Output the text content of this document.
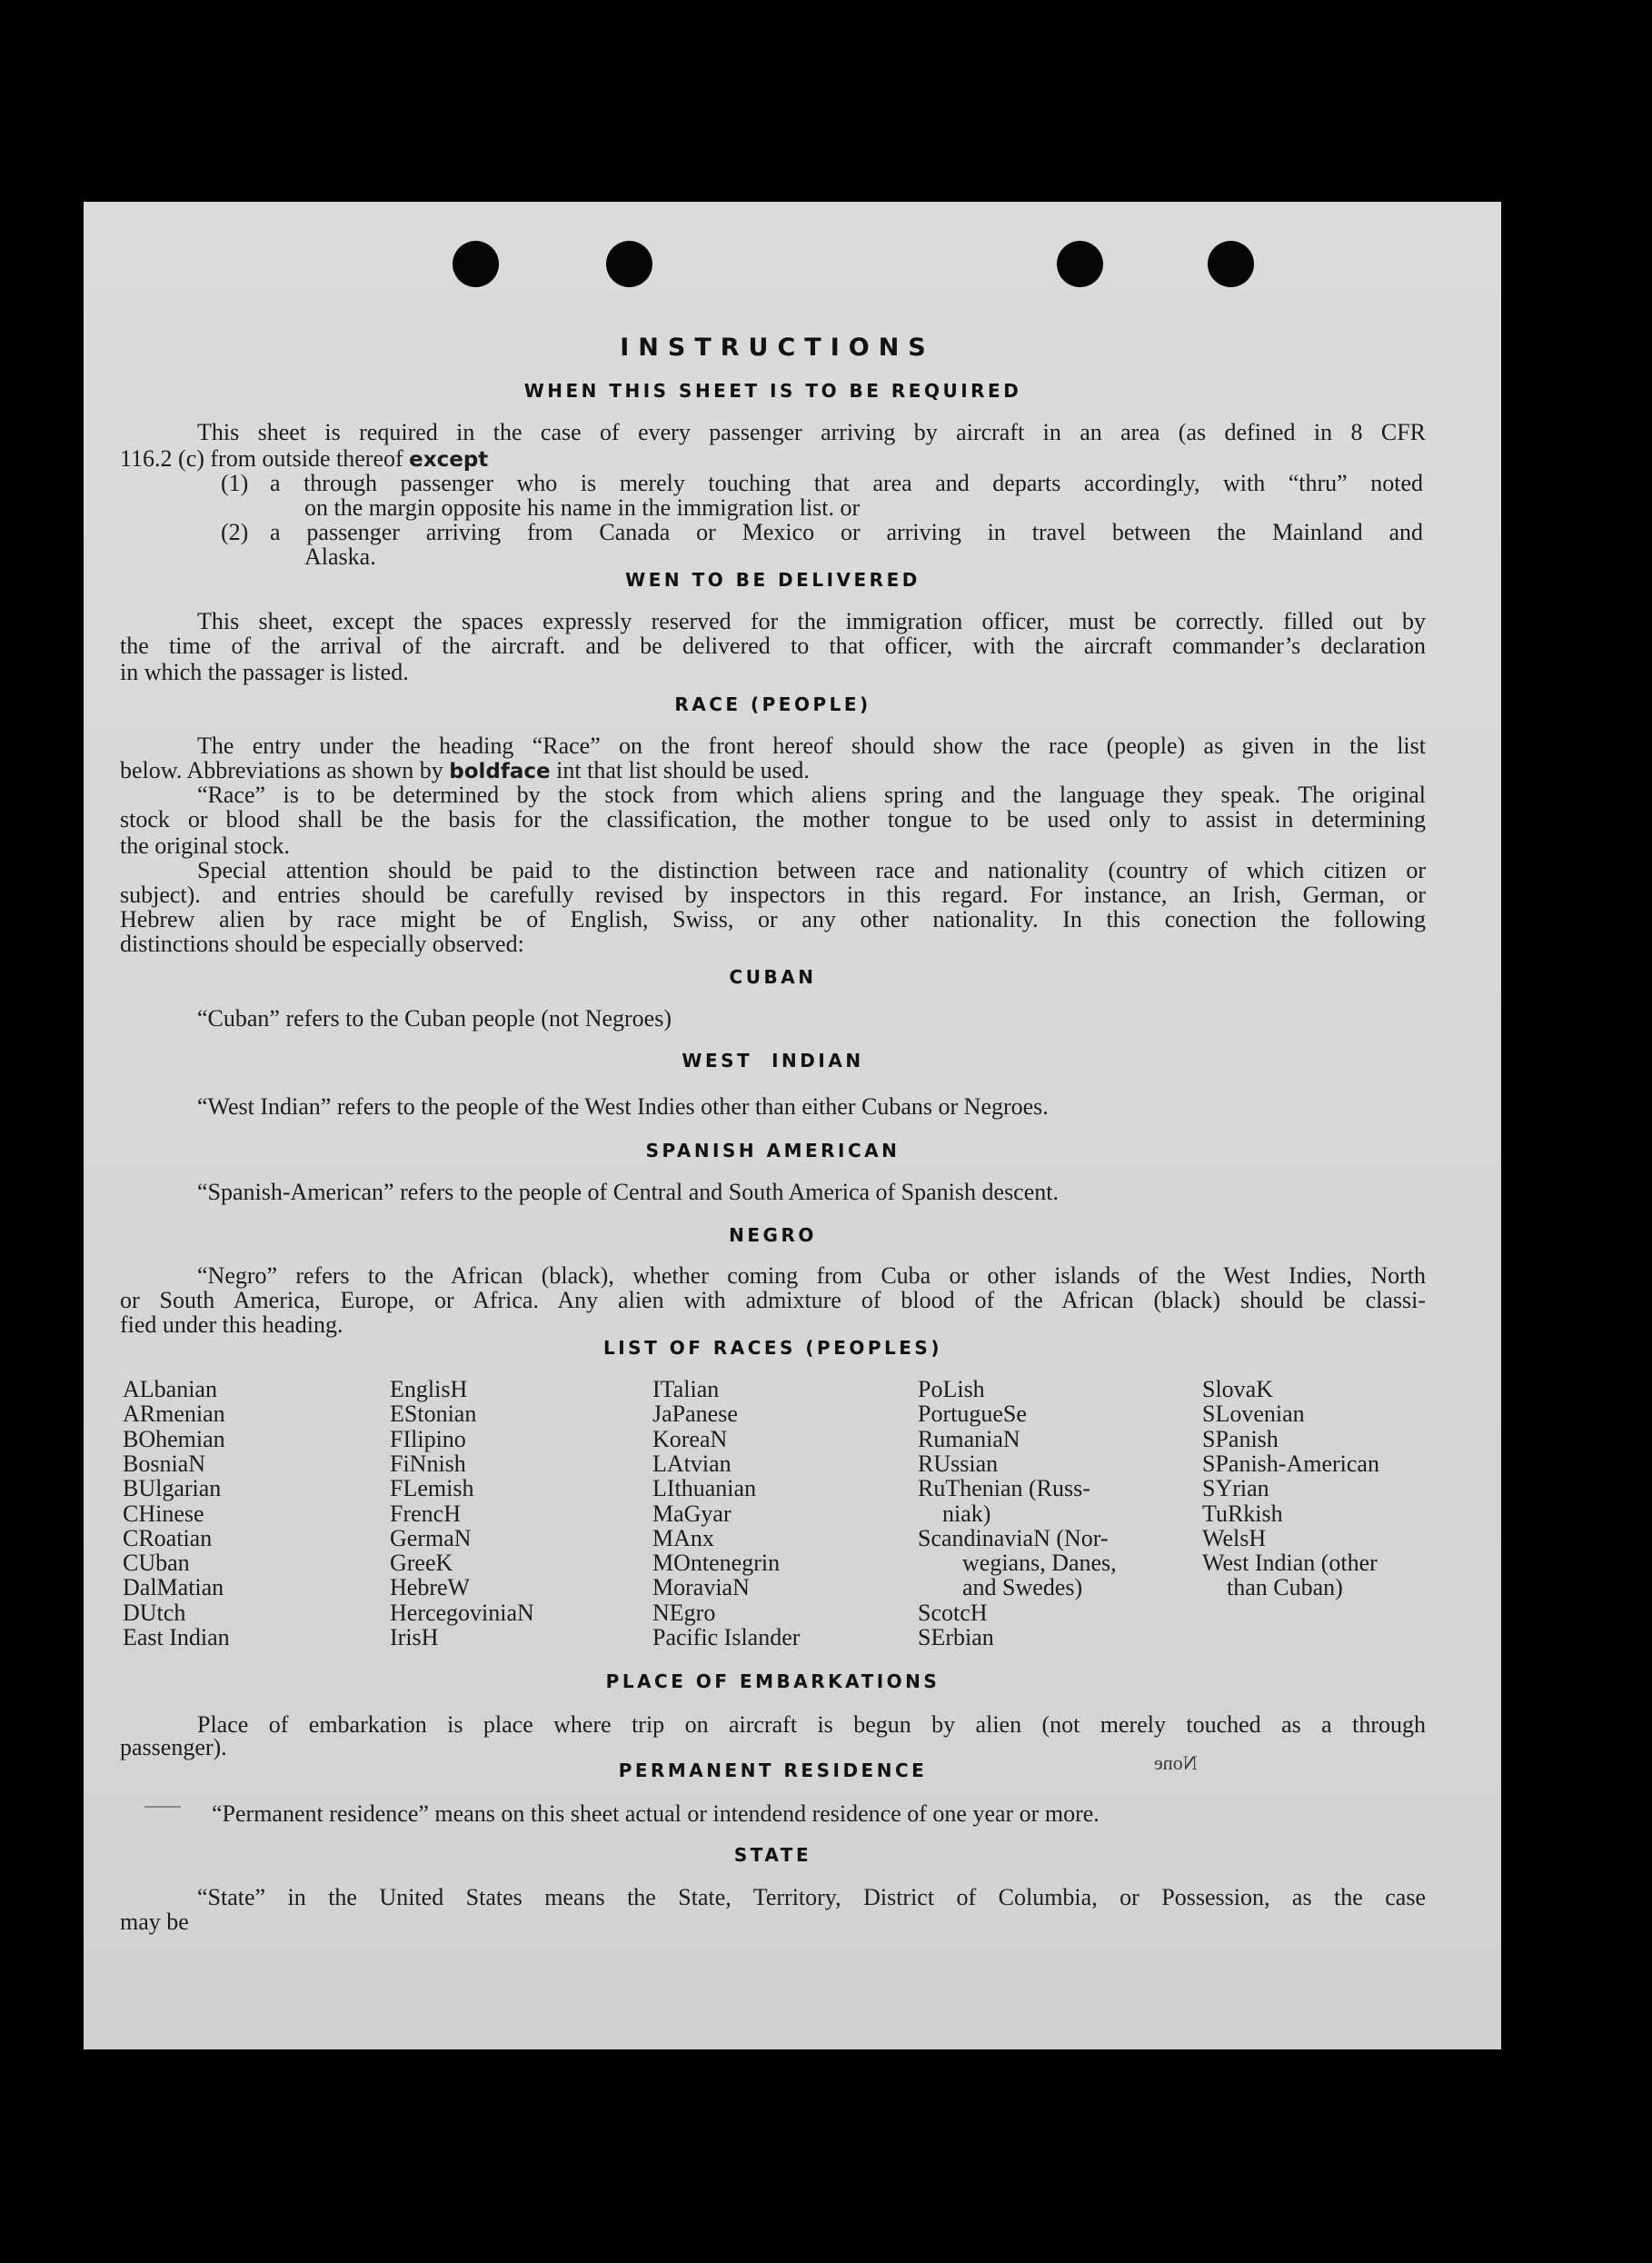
INSTRUCTIONS
WHEN THIS SHEET IS TO BE REQUIRED
This sheet is required in the case of every passenger arriving by aircraft in an area (as defined in 8 CFR
116.2 (c) from outside thereof except
(1) a through passenger who is merely touching that area and departs accordingly, with “thru” noted
on the margin opposite his name in the immigration list. or
(2) a passenger arriving from Canada or Mexico or arriving in travel between the Mainland and
Alaska.
WEN TO BE DELIVERED
This sheet, except the spaces expressly reserved for the immigration officer, must be correctly. filled out by
the time of the arrival of the aircraft. and be delivered to that officer, with the aircraft commander’s declaration
in which the passager is listed.
RACE (PEOPLE)
The entry under the heading “Race” on the front hereof should show the race (people) as given in the list
below. Abbreviations as shown by boldface int that list should be used.
“Race” is to be determined by the stock from which aliens spring and the language they speak. The original
stock or blood shall be the basis for the classification, the mother tongue to be used only to assist in determining
the original stock.
Special attention should be paid to the distinction between race and nationality (country of which citizen or
subject). and entries should be carefully revised by inspectors in this regard. For instance, an Irish, German, or
Hebrew alien by race might be of English, Swiss, or any other nationality. In this conection the following
distinctions should be especially observed:
CUBAN
“Cuban” refers to the Cuban people (not Negroes)
WEST  INDIAN
“West Indian” refers to the people of the West Indies other than either Cubans or Negroes.
SPANISH AMERICAN
“Spanish-American” refers to the people of Central and South America of Spanish descent.
NEGRO
“Negro” refers to the African (black), whether coming from Cuba or other islands of the West Indies, North
or South America, Europe, or Africa. Any alien with admixture of blood of the African (black) should be classi-
fied under this heading.
LIST OF RACES (PEOPLES)
ALbanian
ARmenian
BOhemian
BosniaN
BUlgarian
CHinese
CRoatian
CUban
DalMatian
DUtch
East Indian
EnglisH
EStonian
FIlipino
FiNnish
FLemish
FrencH
GermaN
GreeK
HebreW
HercegoviniaN
IrisH
ITalian
JaPanese
KoreaN
LAtvian
LIthuanian
MaGyar
MAnx
MOntenegrin
MoraviaN
NEgro
Pacific Islander
PoLish
PortugueSe
RumaniaN
RUssian
RuThenian (Russ-
niak)
ScandinaviaN (Nor-
wegians, Danes,
and Swedes)
ScotcH
SErbian
SlovaK
SLovenian
SPanish
SPanish-American
SYrian
TuRkish
WelsH
West Indian (other
than Cuban)
PLACE OF EMBARKATIONS
Place of embarkation is place where trip on aircraft is begun by alien (not merely touched as a through
passenger).
PERMANENT RESIDENCE	None
“Permanent residence” means on this sheet actual or intendend residence of one year or more.
STATE
“State” in the United States means the State, Territory, District of Columbia, or Possession, as the case
may be
